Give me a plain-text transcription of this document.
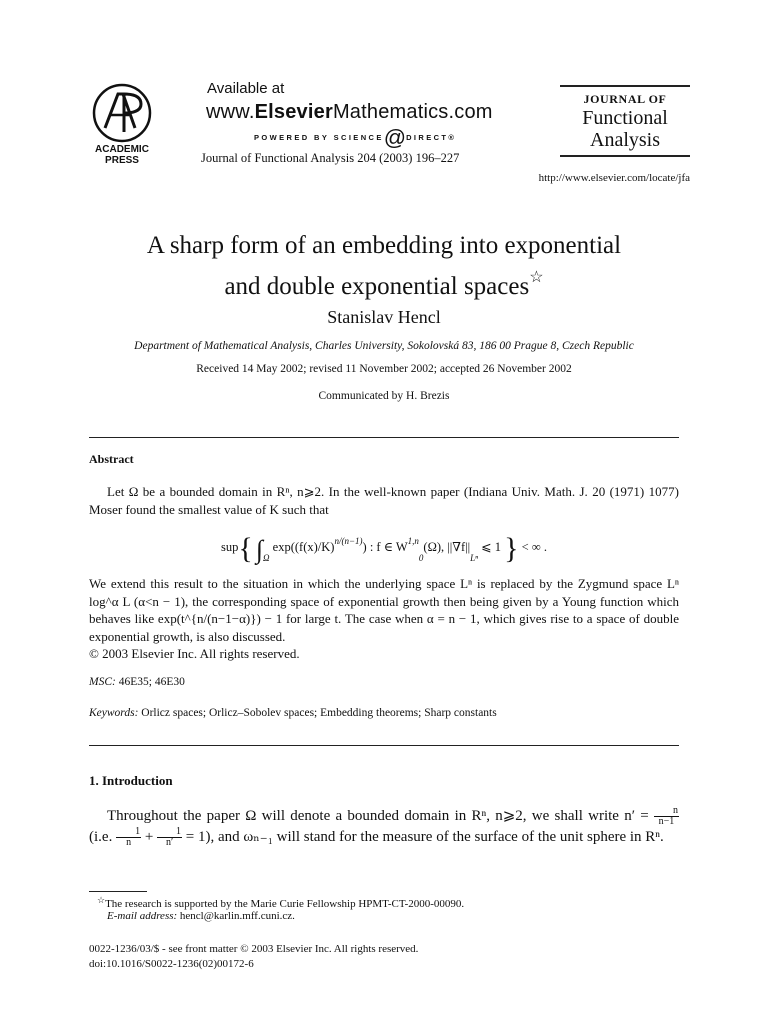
ACADEMIC
PRESS
Available at
www.ElsevierMathematics.com
POWERED BY SCIENCE@DIRECT®
Journal of Functional Analysis 204 (2003) 196–227
JOURNAL OF
Functional
Analysis
http://www.elsevier.com/locate/jfa
A sharp form of an embedding into exponential
and double exponential spaces☆
Stanislav Hencl
Department of Mathematical Analysis, Charles University, Sokolovská 83, 186 00 Prague 8, Czech Republic
Received 14 May 2002; revised 11 November 2002; accepted 26 November 2002
Communicated by H. Brezis
Abstract
Let Ω be a bounded domain in Rⁿ, n⩾2. In the well-known paper (Indiana Univ. Math. J. 20 (1971) 1077) Moser found the smallest value of K such that
sup{ $\int_\Omega$ $\exp((f(x)/K)^{n/(n-1)})$ : f ∈ W$^{1,n}_0$(Ω), $||\nabla f||_{L^n}$ ⩽ 1 } < ∞ .
We extend this result to the situation in which the underlying space Lⁿ is replaced by the Zygmund space Lⁿ log^α L (α<n − 1), the corresponding space of exponential growth then being given by a Young function which behaves like exp(t^{n/(n−1−α)}) − 1 for large t. The case when α = n − 1, which gives rise to a space of double exponential growth, is also discussed.
© 2003 Elsevier Inc. All rights reserved.
MSC: 46E35; 46E30
Keywords: Orlicz spaces; Orlicz–Sobolev spaces; Embedding theorems; Sharp constants
1. Introduction
Throughout the paper Ω will denote a bounded domain in Rⁿ, n⩾2, we shall write $n' = \frac{n}{n-1} (i.e$. $\frac{1}{n} + \frac{1}{n'} = 1$), and ωₙ₋₁ will stand for the measure of the surface of the unit sphere in Rⁿ.
☆The research is supported by the Marie Curie Fellowship HPMT-CT-2000-00090.
E-mail address: hencl@karlin.mff.cuni.cz.
0022-1236/03/$ - see front matter © 2003 Elsevier Inc. All rights reserved.
doi:10.1016/S0022-1236(02)00172-6
